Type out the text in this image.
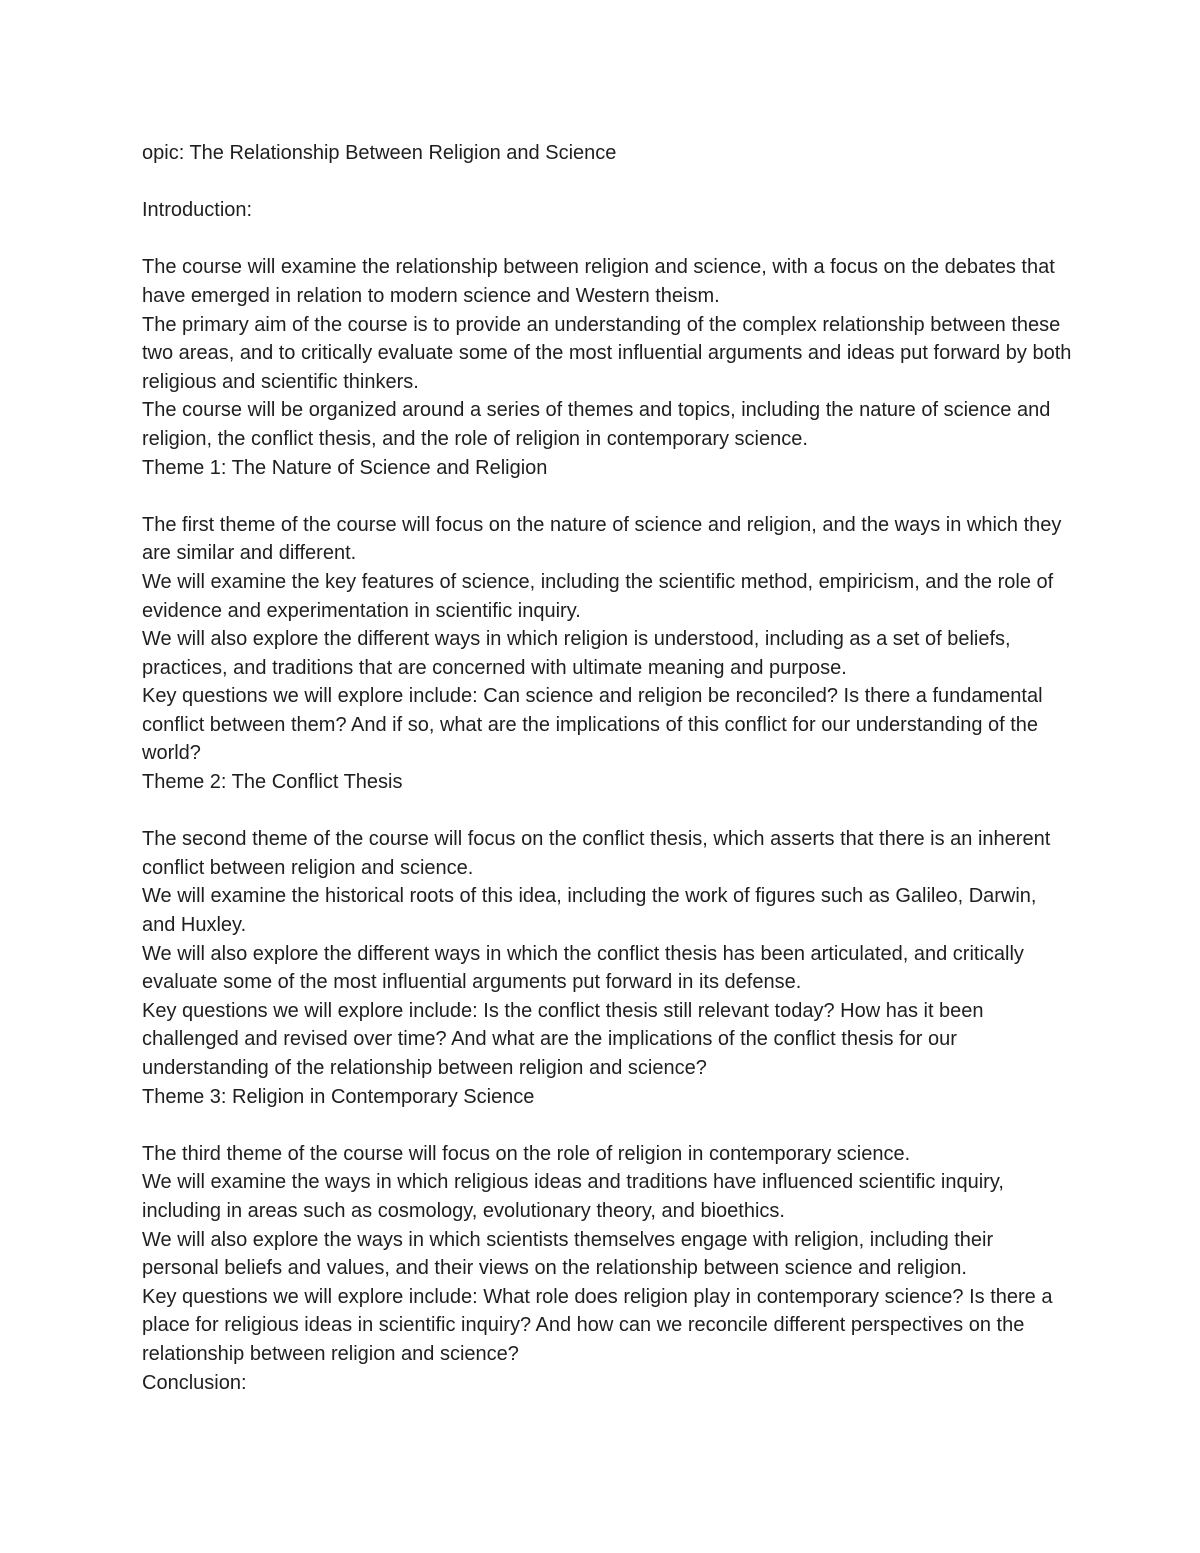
opic: The Relationship Between Religion and Science

Introduction:

The course will examine the relationship between religion and science, with a focus on the debates that have emerged in relation to modern science and Western theism.

The primary aim of the course is to provide an understanding of the complex relationship between these two areas, and to critically evaluate some of the most influential arguments and ideas put forward by both religious and scientific thinkers.

The course will be organized around a series of themes and topics, including the nature of science and religion, the conflict thesis, and the role of religion in contemporary science.

Theme 1: The Nature of Science and Religion

The first theme of the course will focus on the nature of science and religion, and the ways in which they are similar and different.

We will examine the key features of science, including the scientific method, empiricism, and the role of evidence and experimentation in scientific inquiry.

We will also explore the different ways in which religion is understood, including as a set of beliefs, practices, and traditions that are concerned with ultimate meaning and purpose.

Key questions we will explore include: Can science and religion be reconciled? Is there a fundamental conflict between them? And if so, what are the implications of this conflict for our understanding of the world?

Theme 2: The Conflict Thesis

The second theme of the course will focus on the conflict thesis, which asserts that there is an inherent conflict between religion and science.

We will examine the historical roots of this idea, including the work of figures such as Galileo, Darwin, and Huxley.

We will also explore the different ways in which the conflict thesis has been articulated, and critically evaluate some of the most influential arguments put forward in its defense.

Key questions we will explore include: Is the conflict thesis still relevant today? How has it been challenged and revised over time? And what are the implications of the conflict thesis for our understanding of the relationship between religion and science?

Theme 3: Religion in Contemporary Science

The third theme of the course will focus on the role of religion in contemporary science.

We will examine the ways in which religious ideas and traditions have influenced scientific inquiry, including in areas such as cosmology, evolutionary theory, and bioethics.

We will also explore the ways in which scientists themselves engage with religion, including their personal beliefs and values, and their views on the relationship between science and religion.

Key questions we will explore include: What role does religion play in contemporary science? Is there a place for religious ideas in scientific inquiry? And how can we reconcile different perspectives on the relationship between religion and science?

Conclusion:
